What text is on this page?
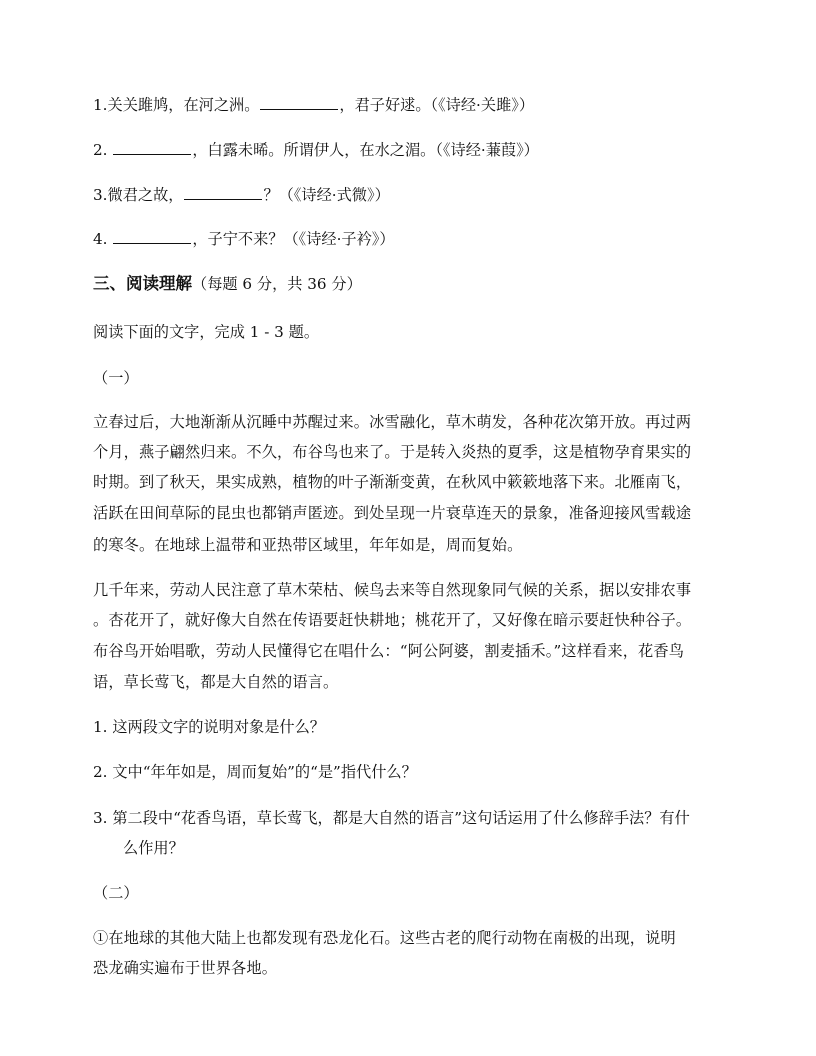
1.关关雎鸠，在河之洲。	，君子好逑。（《诗经·关雎》）
2.	，白露未晞。所谓伊人，在水之湄。（《诗经·蒹葭》）
3.微君之故，	？（《诗经·式微》）
4.	，子宁不来？（《诗经·子衿》）
三、阅读理解（每题 6 分，共 36 分）
阅读下面的文字，完成 1 - 3 题。
（一）
立春过后，大地渐渐从沉睡中苏醒过来。冰雪融化，草木萌发，各种花次第开放。再过两
个月，燕子翩然归来。不久，布谷鸟也来了。于是转入炎热的夏季，这是植物孕育果实的
时期。到了秋天，果实成熟，植物的叶子渐渐变黄，在秋风中簌簌地落下来。北雁南飞，
活跃在田间草际的昆虫也都销声匿迹。到处呈现一片衰草连天的景象，准备迎接风雪载途
的寒冬。在地球上温带和亚热带区域里，年年如是，周而复始。
几千年来，劳动人民注意了草木荣枯、候鸟去来等自然现象同气候的关系，据以安排农事
。杏花开了，就好像大自然在传语要赶快耕地；桃花开了，又好像在暗示要赶快种谷子。
布谷鸟开始唱歌，劳动人民懂得它在唱什么：“阿公阿婆，割麦插禾。”这样看来，花香鸟
语，草长莺飞，都是大自然的语言。
1. 这两段文字的说明对象是什么？
2. 文中“年年如是，周而复始”的“是”指代什么？
3. 第二段中“花香鸟语，草长莺飞，都是大自然的语言”这句话运用了什么修辞手法？有什
么作用？
（二）
①在地球的其他大陆上也都发现有恐龙化石。这些古老的爬行动物在南极的出现，说明
恐龙确实遍布于世界各地。
